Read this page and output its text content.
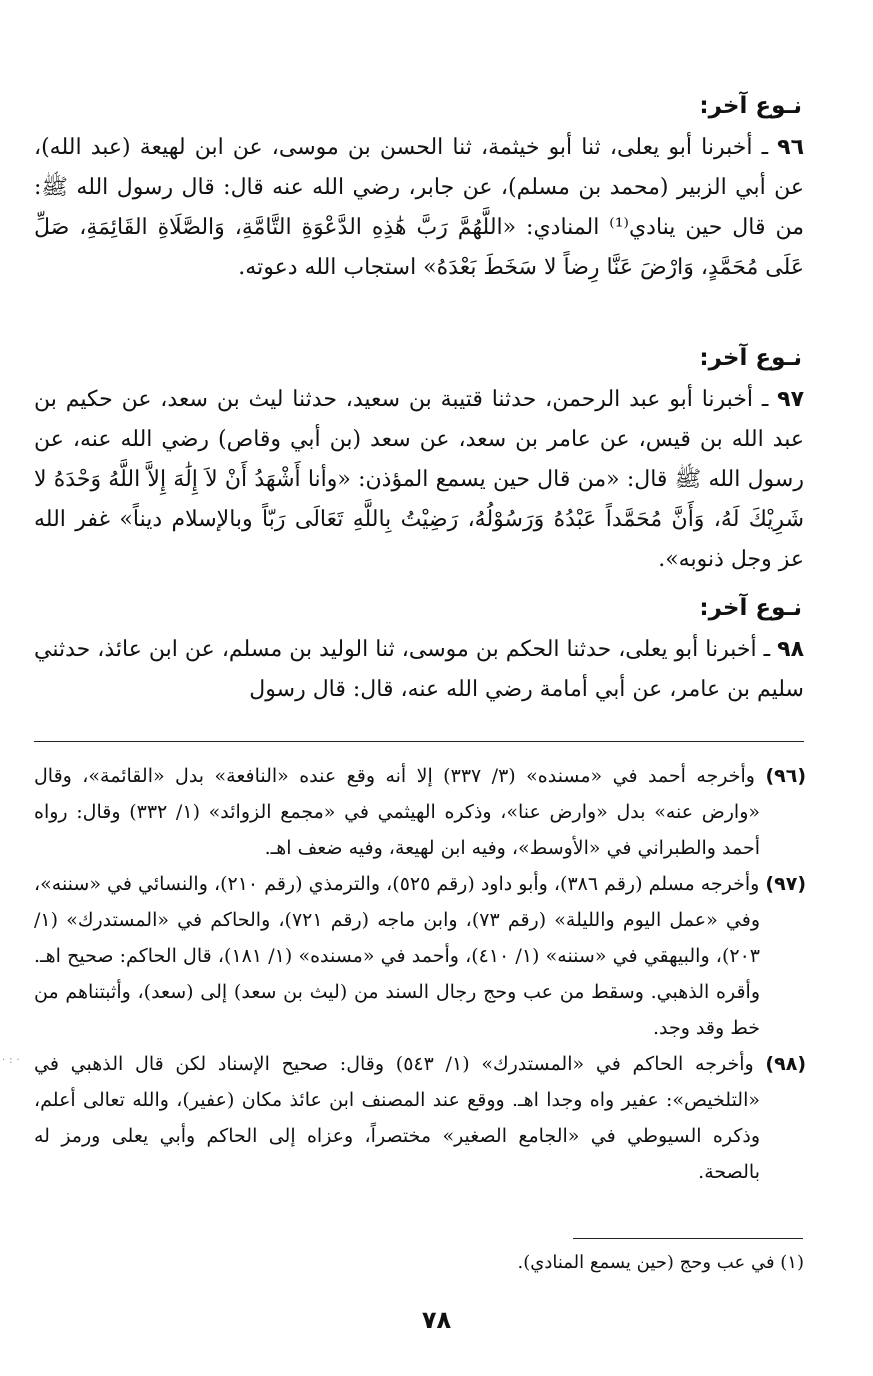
·:·
نـوع آخر:

٩٦ ـ أخبرنا أبو يعلى، ثنا أبو خيثمة، ثنا الحسن بن موسى، عن ابن لهيعة (عبد الله)، عن أبي الزبير (محمد بن مسلم)، عن جابر، رضي الله عنه قال: قال رسول الله ﷺ: من قال حين ينادي⁽¹⁾ المنادي: «اللَّهُمَّ رَبَّ هَٰذِهِ الدَّعْوَةِ التَّامَّةِ، وَالصَّلَاةِ القَائِمَةِ، صَلِّ عَلَى مُحَمَّدٍ، وَارْضَ عَنَّا رِضاً لا سَخَطَ بَعْدَهُ» استجاب الله دعوته.

نـوع آخر:

٩٧ ـ أخبرنا أبو عبد الرحمن، حدثنا قتيبة بن سعيد، حدثنا ليث بن سعد، عن حكيم بن عبد الله بن قيس، عن عامر بن سعد، عن سعد (بن أبي وقاص) رضي الله عنه، عن رسول الله ﷺ قال: «من قال حين يسمع المؤذن: «وأنا أَشْهَدُ أَنْ لاَ إِلَٰهَ إِلاَّ اللَّهُ وَحْدَهُ لا شَرِيْكَ لَهُ، وَأَنَّ مُحَمَّداً عَبْدُهُ وَرَسُوْلُهُ، رَضِيْتُ بِاللَّهِ تَعَالَى رَبّاً وبالإسلام ديناً» غفر الله عز وجل ذنوبه».

نـوع آخر:

٩٨ ـ أخبرنا أبو يعلى، حدثنا الحكم بن موسى، ثنا الوليد بن مسلم، عن ابن عائذ، حدثني سليم بن عامر، عن أبي أمامة رضي الله عنه، قال: قال رسول

(٩٦) وأخرجه أحمد في «مسنده» (٣/ ٣٣٧) إلا أنه وقع عنده «النافعة» بدل «القائمة»، وقال «وارض عنه» بدل «وارض عنا»، وذكره الهيثمي في «مجمع الزوائد» (١/ ٣٣٢) وقال: رواه أحمد والطبراني في «الأوسط»، وفيه ابن لهيعة، وفيه ضعف اهـ.

(٩٧) وأخرجه مسلم (رقم ٣٨٦)، وأبو داود (رقم ٥٢٥)، والترمذي (رقم ٢١٠)، والنسائي في «سننه»، وفي «عمل اليوم والليلة» (رقم ٧٣)، وابن ماجه (رقم ٧٢١)، والحاكم في «المستدرك» (١/ ٢٠٣)، والبيهقي في «سننه» (١/ ٤١٠)، وأحمد في «مسنده» (١/ ١٨١)، قال الحاكم: صحيح اهـ. وأقره الذهبي. وسقط من عب وحج رجال السند من (ليث بن سعد) إلى (سعد)، وأثبتناهم من خط وقد وجد.

(٩٨) وأخرجه الحاكم في «المستدرك» (١/ ٥٤٣) وقال: صحيح الإسناد لكن قال الذهبي في «التلخيص»: عفير واه وجدا اهـ. ووقع عند المصنف ابن عائذ مكان (عفير)، والله تعالى أعلم، وذكره السيوطي في «الجامع الصغير» مختصراً، وعزاه إلى الحاكم وأبي يعلى ورمز له بالصحة.

(١) في عب وحج (حين يسمع المنادي).
٧٨
